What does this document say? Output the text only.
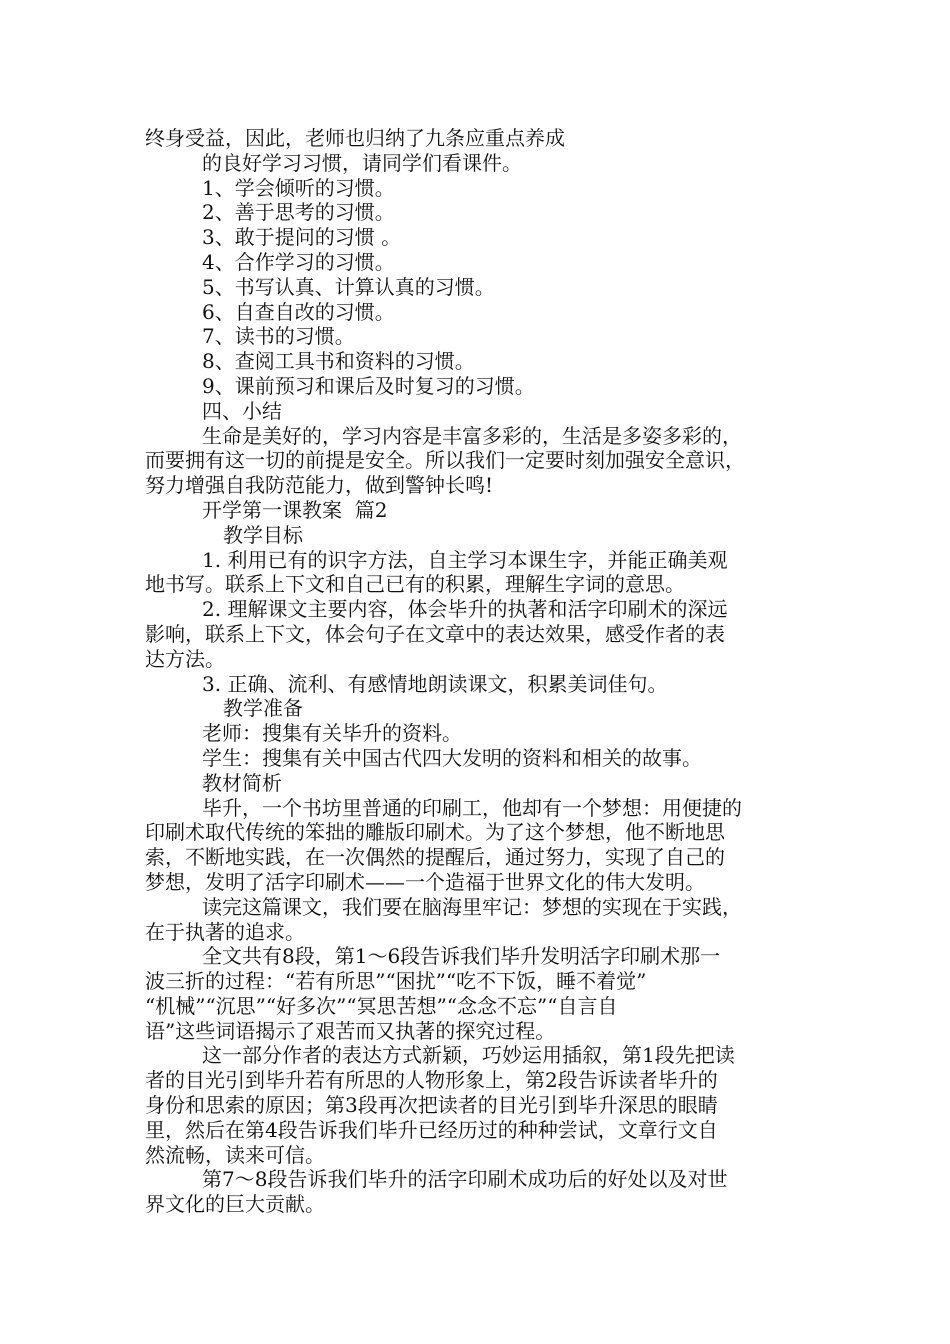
终身受益，因此，老师也归纳了九条应重点养成
的良好学习习惯，请同学们看课件。
1、学会倾听的习惯。
2、善于思考的习惯。
3、敢于提问的习惯 。
4、合作学习的习惯。
5、书写认真、计算认真的习惯。
6、自查自改的习惯。
7、读书的习惯。
8、查阅工具书和资料的习惯。
9、课前预习和课后及时复习的习惯。
四、小结
生命是美好的，学习内容是丰富多彩的，生活是多姿多彩的，
而要拥有这一切的前提是安全。所以我们一定要时刻加强安全意识，
努力增强自我防范能力，做到警钟长鸣!
开学第一课教案  篇2
教学目标
1. 利用已有的识字方法，自主学习本课生字，并能正确美观
地书写。联系上下文和自己已有的积累，理解生字词的意思。
2. 理解课文主要内容，体会毕升的执著和活字印刷术的深远
影响，联系上下文，体会句子在文章中的表达效果，感受作者的表
达方法。
3. 正确、流利、有感情地朗读课文，积累美词佳句。
教学准备
老师：搜集有关毕升的资料。
学生：搜集有关中国古代四大发明的资料和相关的故事。
教材简析
毕升，一个书坊里普通的印刷工，他却有一个梦想：用便捷的
印刷术取代传统的笨拙的雕版印刷术。为了这个梦想，他不断地思
索，不断地实践，在一次偶然的提醒后，通过努力，实现了自己的
梦想，发明了活字印刷术——一个造福于世界文化的伟大发明。
读完这篇课文，我们要在脑海里牢记：梦想的实现在于实践，
在于执著的追求。
全文共有8段，第1～6段告诉我们毕升发明活字印刷术那一
波三折的过程：“若有所思”“困扰”“吃不下饭，睡不着觉”
“机械”“沉思”“好多次”“冥思苦想”“念念不忘”“自言自
语”这些词语揭示了艰苦而又执著的探究过程。
这一部分作者的表达方式新颖，巧妙运用插叙，第1段先把读
者的目光引到毕升若有所思的人物形象上，第2段告诉读者毕升的
身份和思索的原因；第3段再次把读者的目光引到毕升深思的眼睛
里，然后在第4段告诉我们毕升已经历过的种种尝试，文章行文自
然流畅，读来可信。
第7～8段告诉我们毕升的活字印刷术成功后的好处以及对世
界文化的巨大贡献。
